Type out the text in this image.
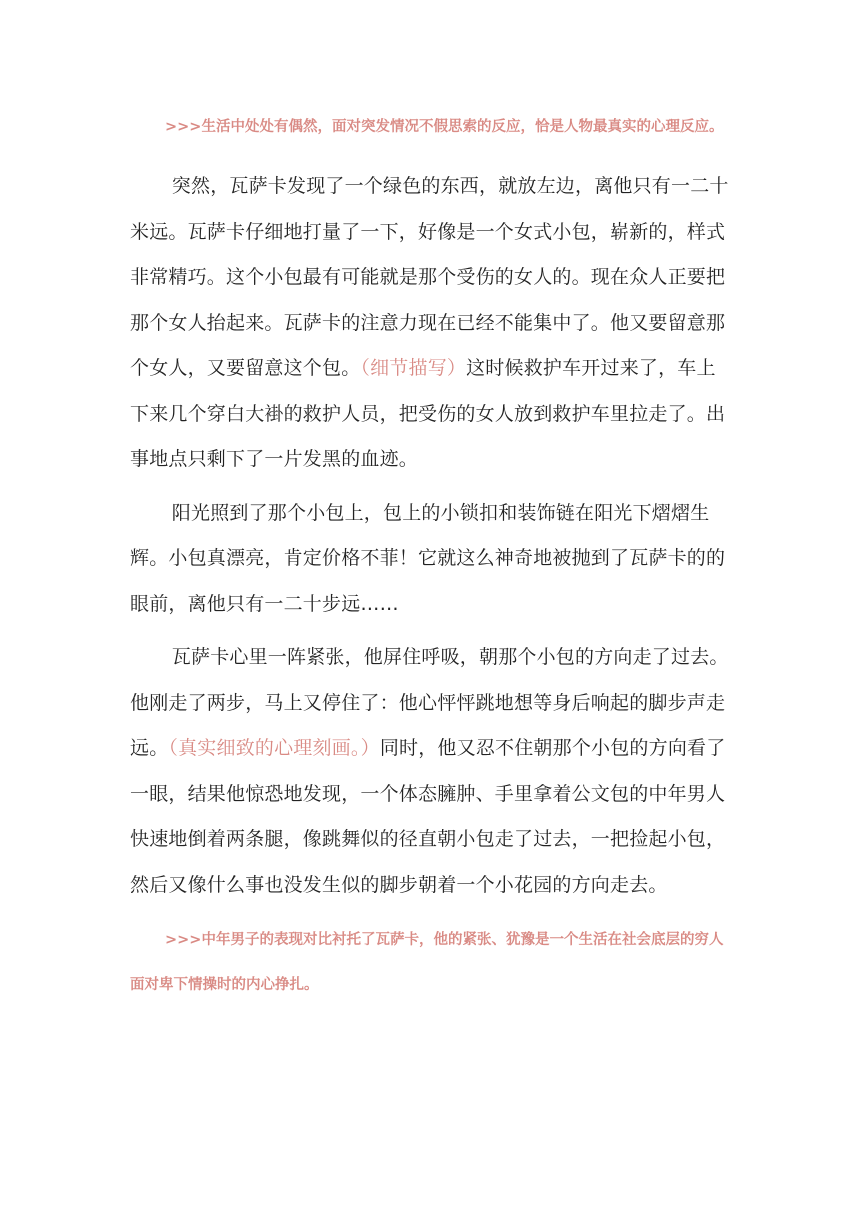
>>>生活中处处有偶然，面对突发情况不假思索的反应，恰是人物最真实的心理反应。

突然，瓦萨卡发现了一个绿色的东西，就放左边，离他只有一二十米远。瓦萨卡仔细地打量了一下，好像是一个女式小包，崭新的，样式非常精巧。这个小包最有可能就是那个受伤的女人的。现在众人正要把那个女人抬起来。瓦萨卡的注意力现在已经不能集中了。他又要留意那个女人，又要留意这个包。（细节描写）这时候救护车开过来了，车上下来几个穿白大褂的救护人员，把受伤的女人放到救护车里拉走了。出事地点只剩下了一片发黑的血迹。

阳光照到了那个小包上，包上的小锁扣和装饰链在阳光下熠熠生辉。小包真漂亮，肯定价格不菲！它就这么神奇地被抛到了瓦萨卡的的眼前，离他只有一二十步远……

瓦萨卡心里一阵紧张，他屏住呼吸，朝那个小包的方向走了过去。他刚走了两步，马上又停住了：他心怦怦跳地想等身后响起的脚步声走远。（真实细致的心理刻画。）同时，他又忍不住朝那个小包的方向看了一眼，结果他惊恐地发现，一个体态臃肿、手里拿着公文包的中年男人快速地倒着两条腿，像跳舞似的径直朝小包走了过去，一把捡起小包，然后又像什么事也没发生似的脚步朝着一个小花园的方向走去。

>>>中年男子的表现对比衬托了瓦萨卡，他的紧张、犹豫是一个生活在社会底层的穷人面对卑下情操时的内心挣扎。
